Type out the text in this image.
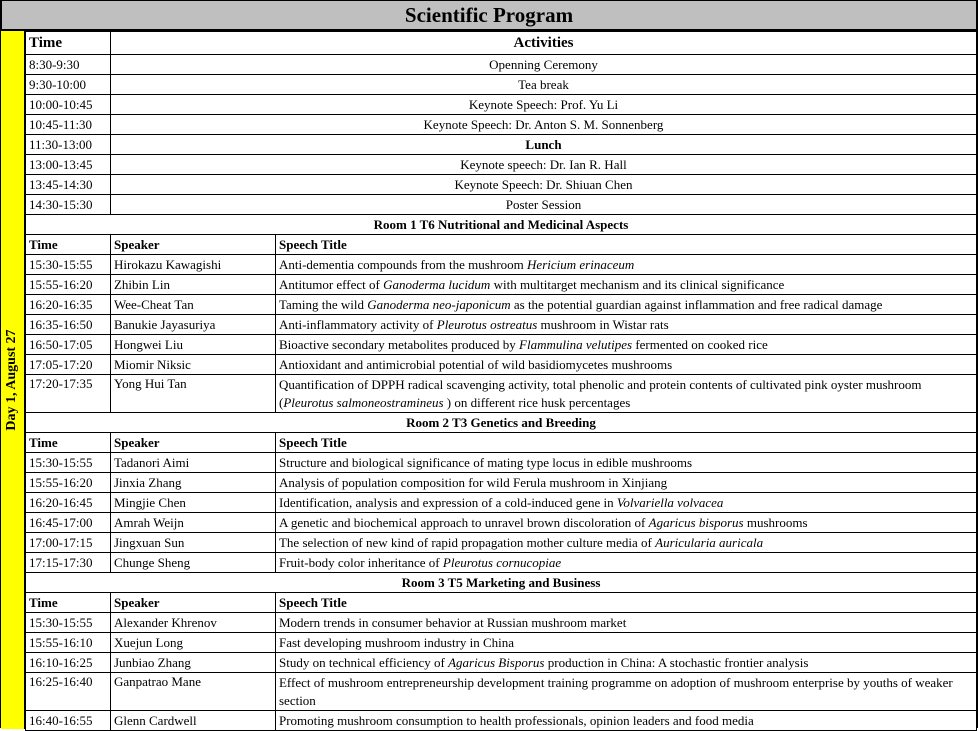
Scientific Program
Day 1, August 27
Time	Activities	
8:30-9:30	Openning Ceremony	
9:30-10:00	Tea break	
10:00-10:45	Keynote Speech: Prof. Yu Li	
10:45-11:30	Keynote Speech: Dr. Anton S. M. Sonnenberg	
11:30-13:00	Lunch	
13:00-13:45	Keynote speech: Dr. Ian R. Hall	
13:45-14:30	Keynote Speech: Dr. Shiuan Chen	
14:30-15:30	Poster Session	
Room 1 T6 Nutritional and Medicinal Aspects		
Time	Speaker	Speech Title
15:30-15:55	Hirokazu Kawagishi	Anti-dementia compounds from the mushroom Hericium erinaceum
15:55-16:20	Zhibin Lin	Antitumor effect of Ganoderma lucidum with multitarget mechanism and its clinical significance
16:20-16:35	Wee-Cheat Tan	Taming the wild Ganoderma neo-japonicum as the potential guardian against inflammation and free radical damage
16:35-16:50	Banukie Jayasuriya	Anti-inflammatory activity of Pleurotus ostreatus mushroom in Wistar rats
16:50-17:05	Hongwei Liu	Bioactive secondary metabolites produced by Flammulina velutipes fermented on cooked rice
17:05-17:20	Miomir Niksic	Antioxidant and antimicrobial potential of wild basidiomycetes mushrooms
17:20-17:35	Yong Hui Tan	Quantification of DPPH radical scavenging activity, total phenolic and protein contents of cultivated pink oyster mushroom (Pleurotus salmoneostramineus ) on different rice husk percentages
Room 2 T3 Genetics and Breeding		
Time	Speaker	Speech Title
15:30-15:55	Tadanori Aimi	Structure and biological significance of mating type locus in edible mushrooms
15:55-16:20	Jinxia Zhang	Analysis of population composition for wild Ferula mushroom in Xinjiang
16:20-16:45	Mingjie Chen	Identification, analysis and expression of a cold-induced gene in Volvariella volvacea
16:45-17:00	Amrah Weijn	A genetic and biochemical approach to unravel brown discoloration of Agaricus bisporus mushrooms
17:00-17:15	Jingxuan Sun	The selection of new kind of rapid propagation mother culture media of Auricularia auricala
17:15-17:30	Chunge Sheng	Fruit-body color inheritance of Pleurotus cornucopiae
Room 3 T5 Marketing and Business		
Time	Speaker	Speech Title
15:30-15:55	Alexander Khrenov	Modern trends in consumer behavior at Russian mushroom market
15:55-16:10	Xuejun Long	Fast developing mushroom industry in China
16:10-16:25	Junbiao Zhang	Study on technical efficiency of Agaricus Bisporus production in China: A stochastic frontier analysis
16:25-16:40	Ganpatrao Mane	Effect of mushroom entrepreneurship development training programme on adoption of mushroom enterprise by youths of weaker section
16:40-16:55	Glenn Cardwell	Promoting mushroom consumption to health professionals, opinion leaders and food media
